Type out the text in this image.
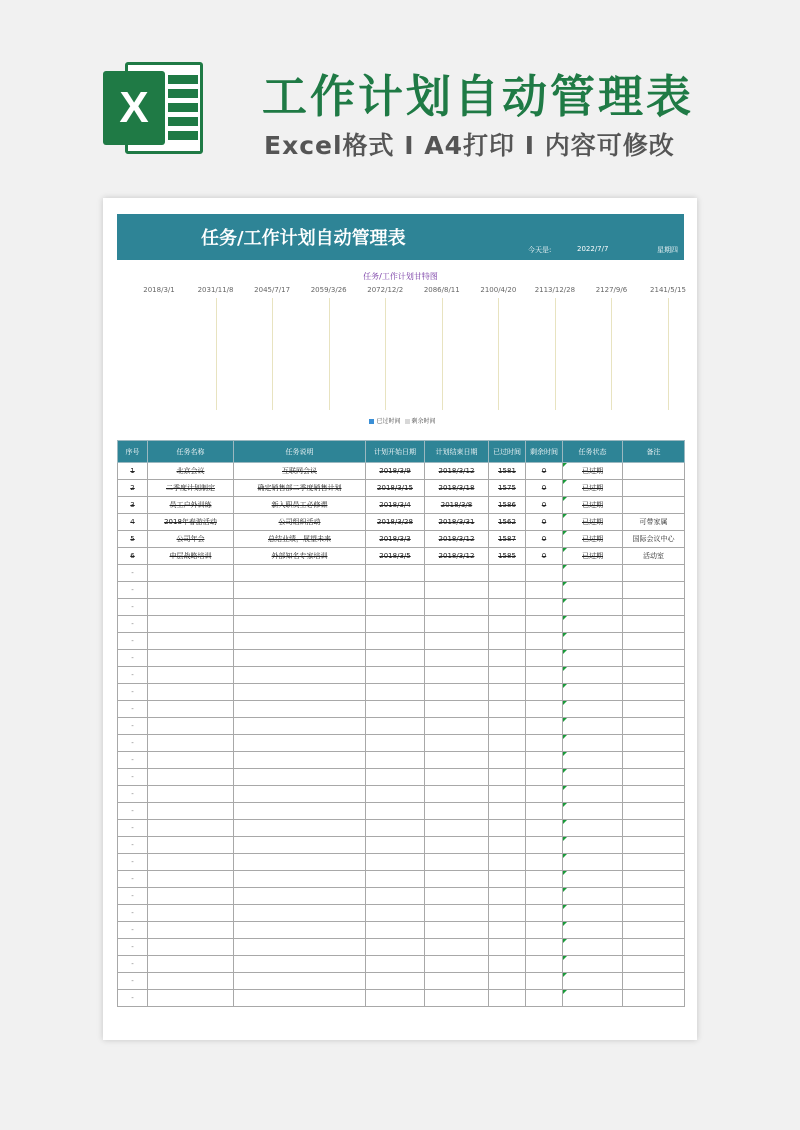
X	工作计划自动管理表
Excel格式 I A4打印 I 内容可修改
任务/工作计划自动管理表
今天是:	2022/7/7	星期四
任务/工作计划甘特图
已过时间 剩余时间
2018/3/1	2031/11/8	2045/7/17	2059/3/26	2072/12/2	2086/8/11	2100/4/20	2113/12/28	2127/9/6	2141/5/15
序号	任务名称	任务说明	计划开始日期	计划结束日期	已过时间	剩余时间	任务状态	备注
1	北京会议	互联网会议	2018/3/9	2018/3/12	1581	0	已过期	
2	二季度计划制定	确定销售部二季度销售计划	2018/3/15	2018/3/18	1575	0	已过期	
3	员工户外训练	新入职员工必修课	2018/3/4	2018/3/8	1586	0	已过期	
4	2018年春游活动	公司组织活动	2018/3/28	2018/3/31	1562	0	已过期	可带家属
5	公司年会	总结业绩，展望未来	2018/3/3	2018/3/12	1587	0	已过期	国际会议中心
6	中层战略培训	外部知名专家培训	2018/3/5	2018/3/12	1585	0	已过期	活动室
-								
-								
-								
-								
-								
-								
-								
-								
-								
-								
-								
-								
-								
-								
-								
-								
-								
-								
-								
-								
-								
-								
-								
-								
-								
-								
